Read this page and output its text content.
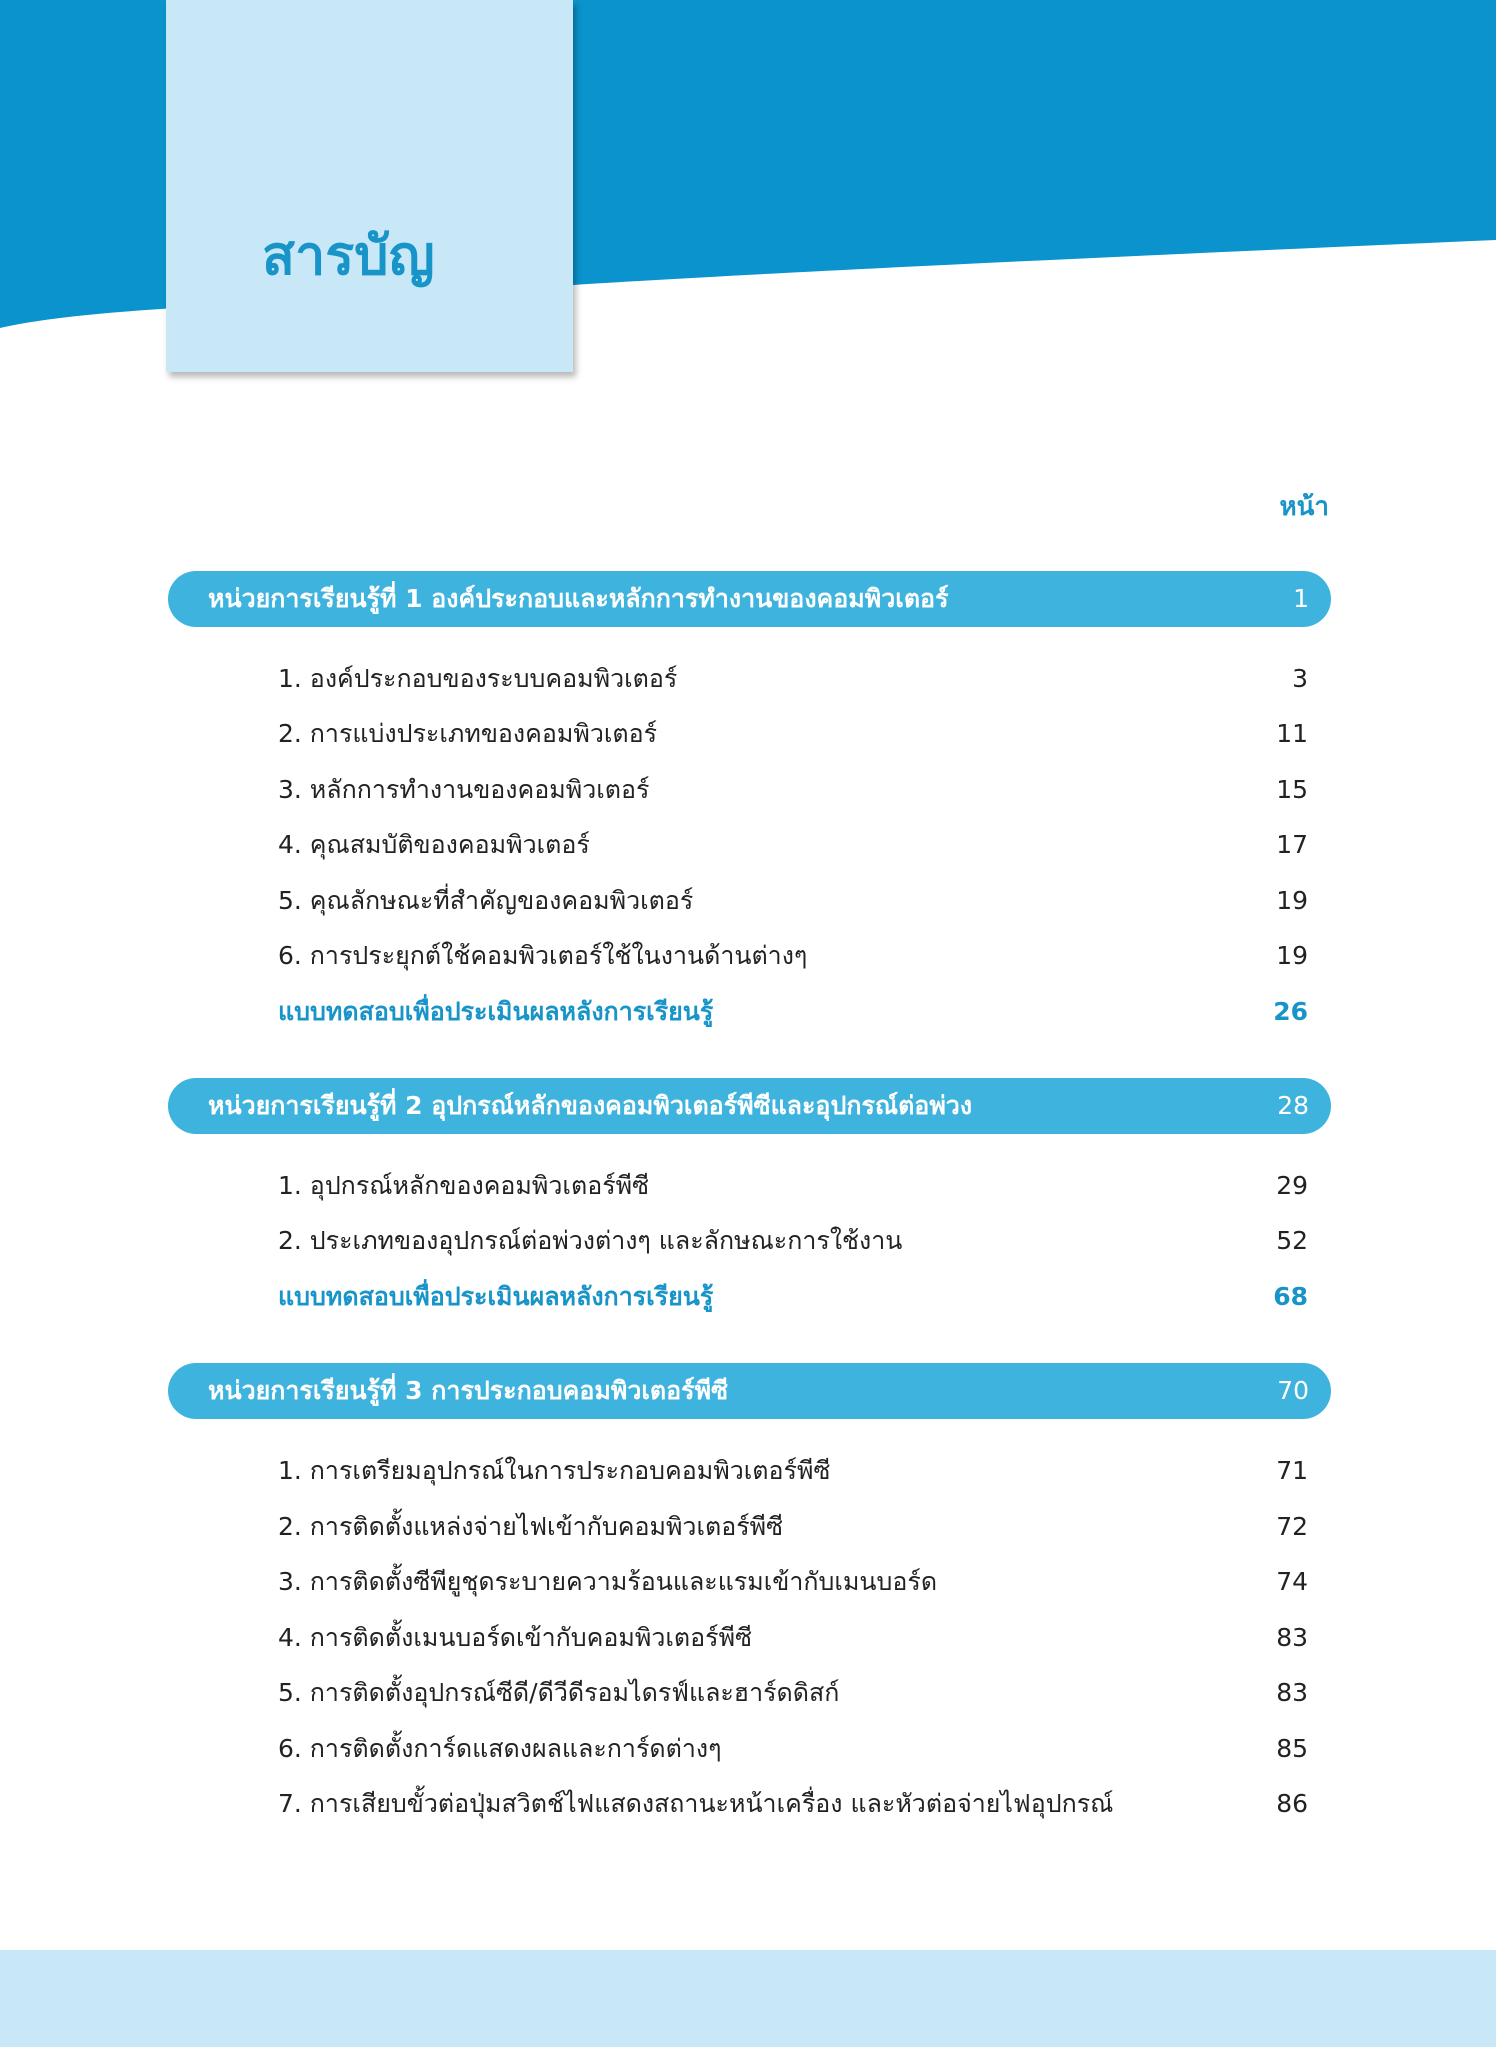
สารบัญ
หน้า
หน่วยการเรียนรู้ที่ 1 องค์ประกอบและหลักการทำงานของคอมพิวเตอร์	1
1. องค์ประกอบของระบบคอมพิวเตอร์	3
2. การแบ่งประเภทของคอมพิวเตอร์	11
3. หลักการทำงานของคอมพิวเตอร์	15
4. คุณสมบัติของคอมพิวเตอร์	17
5. คุณลักษณะที่สำคัญของคอมพิวเตอร์	19
6. การประยุกต์ใช้คอมพิวเตอร์ใช้ในงานด้านต่างๆ	19
แบบทดสอบเพื่อประเมินผลหลังการเรียนรู้	26
หน่วยการเรียนรู้ที่ 2 อุปกรณ์หลักของคอมพิวเตอร์พีซีและอุปกรณ์ต่อพ่วง	28
1. อุปกรณ์หลักของคอมพิวเตอร์พีซี	29
2. ประเภทของอุปกรณ์ต่อพ่วงต่างๆ และลักษณะการใช้งาน	52
แบบทดสอบเพื่อประเมินผลหลังการเรียนรู้	68
หน่วยการเรียนรู้ที่ 3 การประกอบคอมพิวเตอร์พีซี	70
1. การเตรียมอุปกรณ์ในการประกอบคอมพิวเตอร์พีซี	71
2. การติดตั้งแหล่งจ่ายไฟเข้ากับคอมพิวเตอร์พีซี	72
3. การติดตั้งซีพียูชุดระบายความร้อนและแรมเข้ากับเมนบอร์ด	74
4. การติดตั้งเมนบอร์ดเข้ากับคอมพิวเตอร์พีซี	83
5. การติดตั้งอุปกรณ์ซีดี/ดีวีดีรอมไดรฟ์และฮาร์ดดิสก์	83
6. การติดตั้งการ์ดแสดงผลและการ์ดต่างๆ	85
7. การเสียบขั้วต่อปุ่มสวิตช์ไฟแสดงสถานะหน้าเครื่อง และหัวต่อจ่ายไฟอุปกรณ์	86
